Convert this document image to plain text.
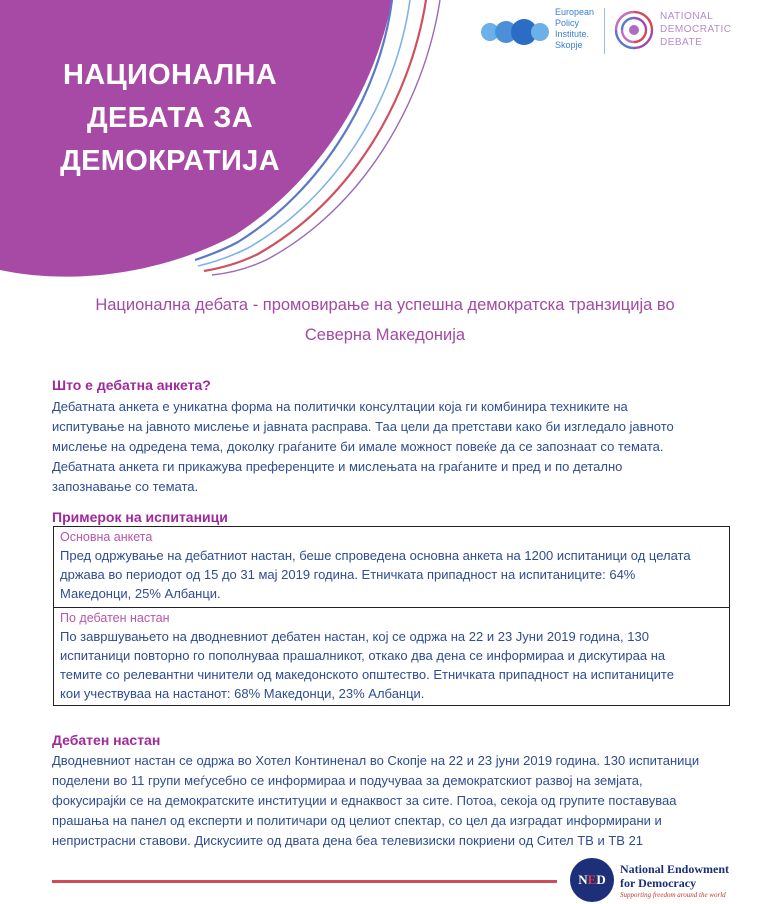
НАЦИОНАЛНА
ДЕБАТА ЗА
ДЕМОКРАТИЈА
European
Policy
Institute.
Skopje
NATIONAL
DEMOCRATIC
DEBATE
Национална дебата - промовирање на успешна демократска транзиција во
Северна Македонија
Што е дебатна анкета?
Дебатната анкета е уникатна форма на политички консултации која ги комбинира техниките на
испитување на јавното мислење и јавната расправа. Таа цели да претстави како би изгледало јавното
мислење на одредена тема, доколку граѓаните би имале можност повеќе да се запознаат со темата.
Дебатната анкета ги прикажува преференците и мислењата на граѓаните и пред и по детално
запознавање со темата.
Примерок на испитаници
Основна анкета
Пред одржување на дебатниот настан, беше спроведена основна анкета на 1200 испитаници од целата
држава во периодот од 15 до 31 мај 2019 година. Етничката припадност на испитаниците: 64%
Македонци, 25% Албанци.
По дебатен настан
По завршувањето на дводневниот дебатен настан, кој се одржа на 22 и 23 Јуни 2019 година, 130
испитаници повторно го пополнуваа прашалникот, откако два дена се информираа и дискутираа на
темите со релевантни чинители од македонското општество. Етничката припадност на испитаниците
кои учествуваа на настанот: 68% Македонци, 23% Албанци.
Дебатен настан
Дводневниот настан се одржа во Хотел Континенал во Скопје на 22 и 23 јуни 2019 година. 130 испитаници
поделени во 11 групи меѓусебно се информираа и подучуваа за демократскиот развој на земјата,
фокусирајќи се на демократските институции и еднаквост за сите. Потоа, секоја од групите поставуваа
прашања на панел од експерти и политичари од целиот спектар, со цел да изградат информирани и
непристрасни ставови. Дискусиите од двата дена беа телевизиски покриени од Сител ТВ и ТВ 21
NED
National Endowment
for Democracy
Supporting freedom around the world
